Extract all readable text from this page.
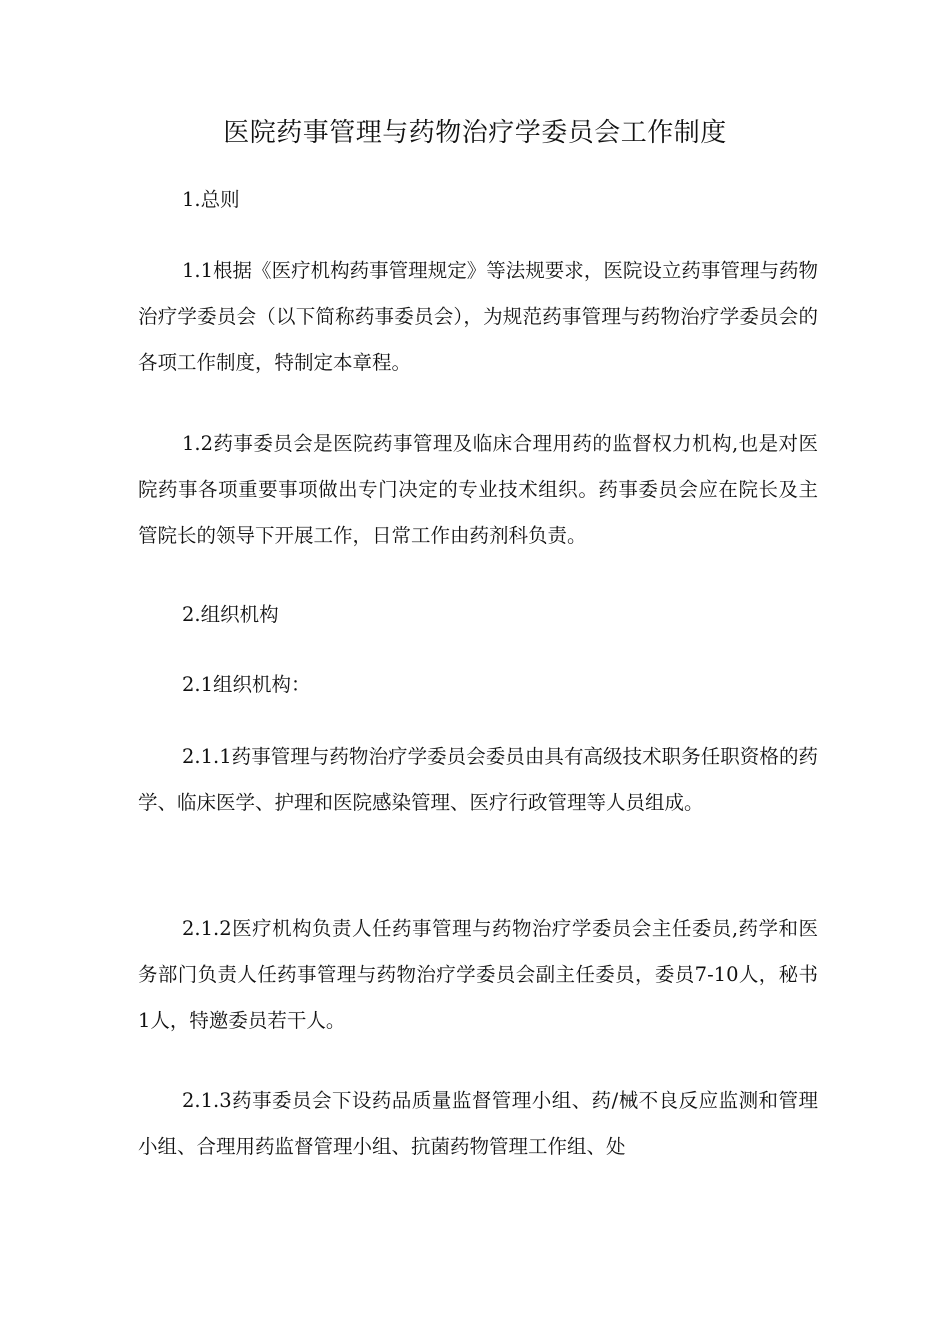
医院药事管理与药物治疗学委员会工作制度
1.总则
1.1根据《医疗机构药事管理规定》等法规要求，医院设立药事管理与药物治疗学委员会（以下简称药事委员会），为规范药事管理与药物治疗学委员会的各项工作制度，特制定本章程。
1.2药事委员会是医院药事管理及临床合理用药的监督权力机构,也是对医院药事各项重要事项做出专门决定的专业技术组织。药事委员会应在院长及主管院长的领导下开展工作，日常工作由药剂科负责。
2.组织机构
2.1组织机构：
2.1.1药事管理与药物治疗学委员会委员由具有高级技术职务任职资格的药学、临床医学、护理和医院感染管理、医疗行政管理等人员组成。
2.1.2医疗机构负责人任药事管理与药物治疗学委员会主任委员,药学和医务部门负责人任药事管理与药物治疗学委员会副主任委员，委员7-10人，秘书1人，特邀委员若干人。
2.1.3药事委员会下设药品质量监督管理小组、药/械不良反应监测和管理小组、合理用药监督管理小组、抗菌药物管理工作组、处
